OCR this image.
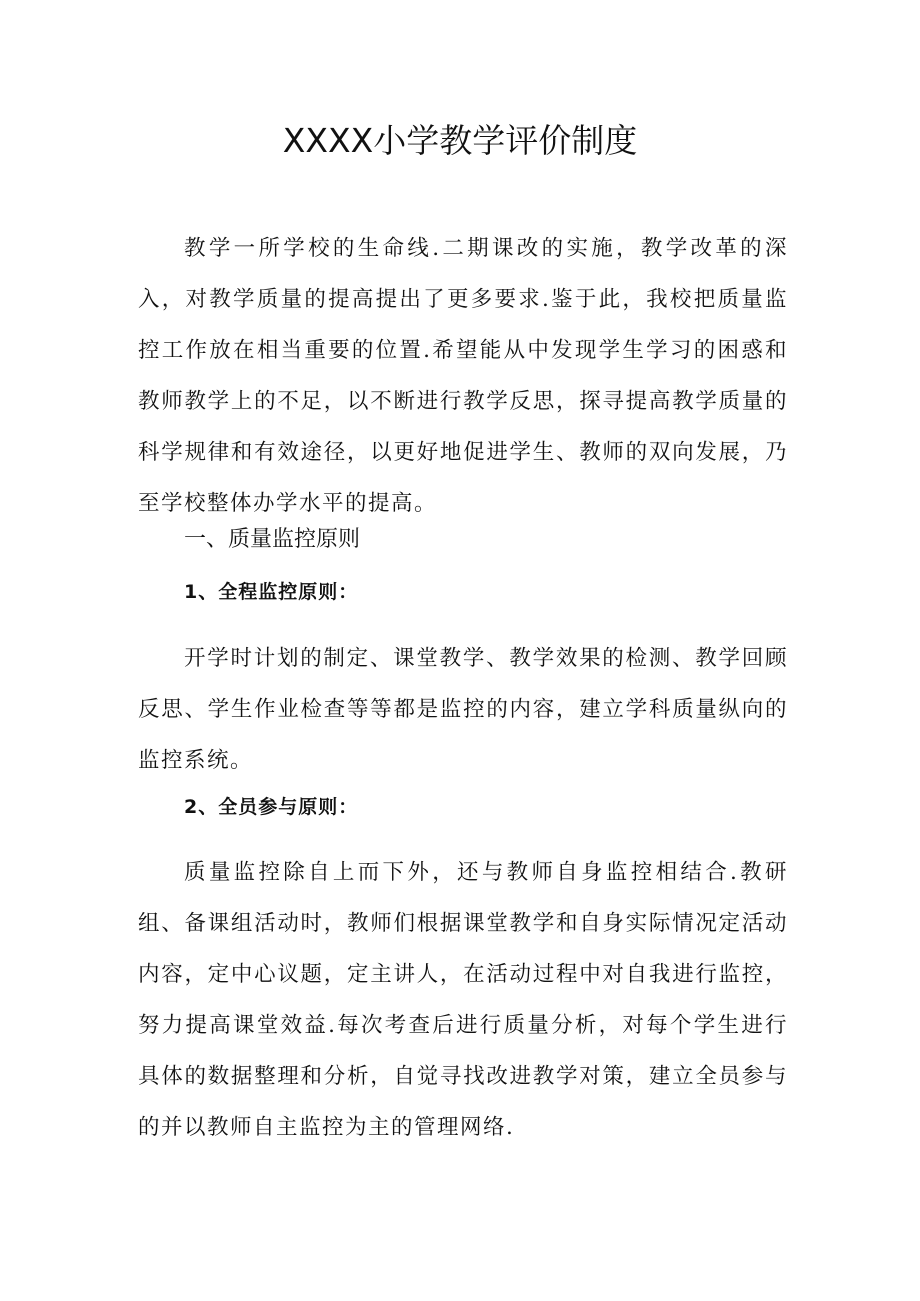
XXXX小学教学评价制度

教学一所学校的生命线.二期课改的实施，教学改革的深入，对教学质量的提高提出了更多要求.鉴于此，我校把质量监控工作放在相当重要的位置.希望能从中发现学生学习的困惑和教师教学上的不足，以不断进行教学反思，探寻提高教学质量的科学规律和有效途径，以更好地促进学生、教师的双向发展，乃至学校整体办学水平的提高。

一、质量监控原则
1、全程监控原则：

开学时计划的制定、课堂教学、教学效果的检测、教学回顾反思、学生作业检查等等都是监控的内容，建立学科质量纵向的监控系统。

2、全员参与原则：

质量监控除自上而下外，还与教师自身监控相结合.教研组、备课组活动时，教师们根据课堂教学和自身实际情况定活动内容，定中心议题，定主讲人，在活动过程中对自我进行监控，努力提高课堂效益.每次考查后进行质量分析，对每个学生进行具体的数据整理和分析，自觉寻找改进教学对策，建立全员参与的并以教师自主监控为主的管理网络.
